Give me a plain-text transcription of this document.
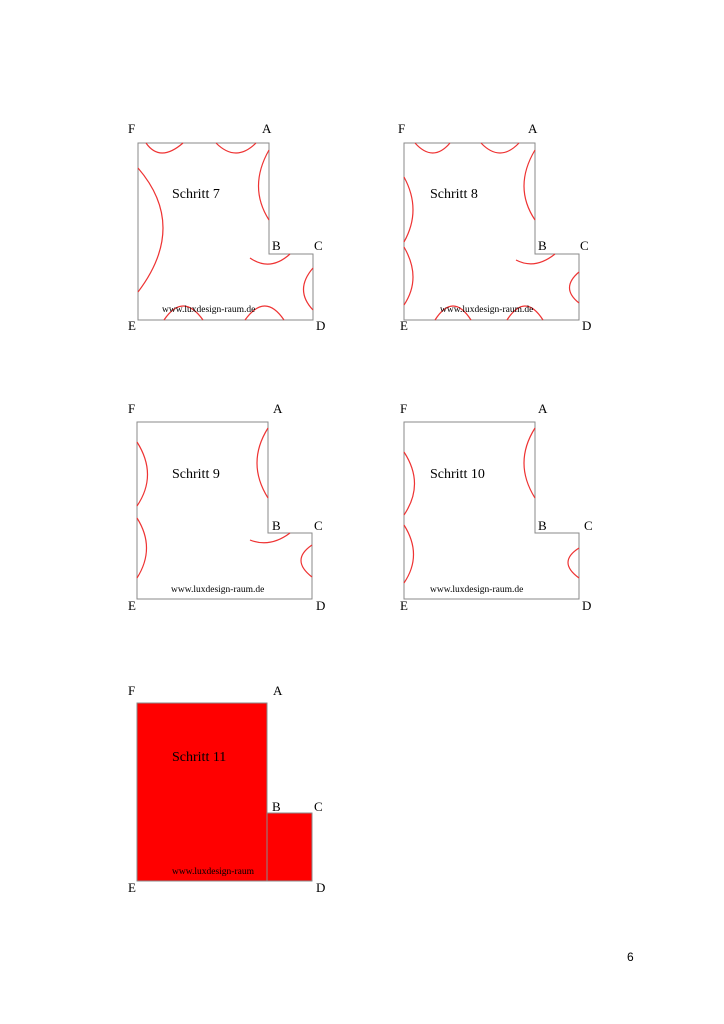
F	A
B	C
E	D
Schritt 7
www.luxdesign-raum.de
F	A
B	C
E	D
Schritt 8
www.luxdesign-raum.de
F	A
B	C
E	D
Schritt 9
www.luxdesign-raum.de
F	A
B	C
E	D
Schritt 10
www.luxdesign-raum.de
F	A
B	C
E	D
Schritt 11
www.luxdesign-raum
6
